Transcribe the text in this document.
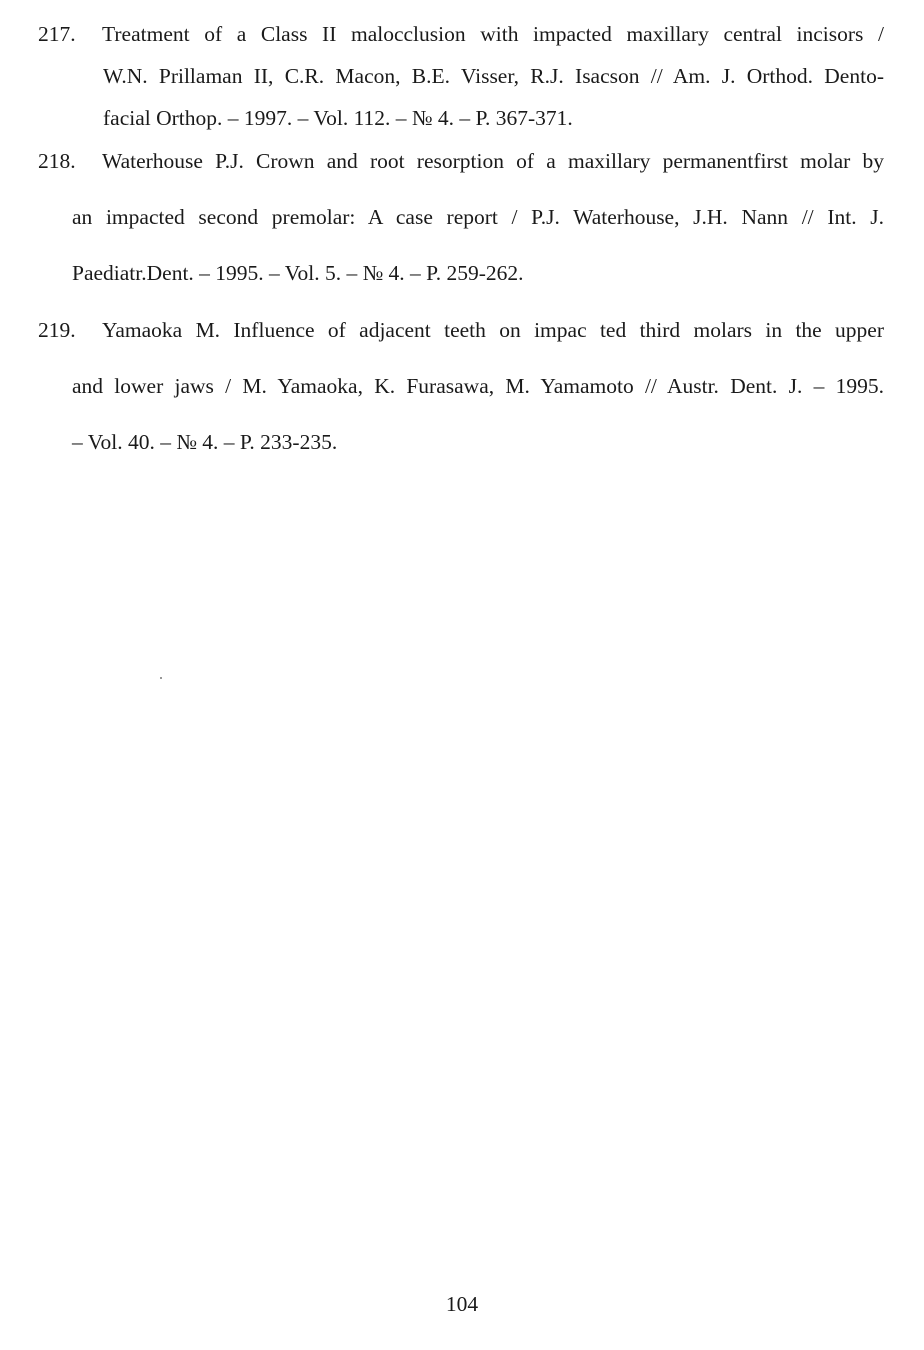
217. Treatment of a Class II malocclusion with impacted maxillary central incisors /
W.N. Prillaman II, C.R. Macon, B.E. Visser, R.J. Isacson // Am. J. Orthod. Dento-
facial Orthop. – 1997. – Vol. 112. – № 4. – P. 367-371.
218. Waterhouse P.J. Crown and root resorption of a maxillary permanentfirst molar by
an impacted second premolar: A case report / P.J. Waterhouse, J.H. Nann // Int. J.
Paediatr.Dent. – 1995. – Vol. 5. – № 4. – P. 259-262.
219. Yamaoka M. Influence of adjacent teeth on impac ted third molars in the upper
and lower jaws / M. Yamaoka, K. Furasawa, M. Yamamoto // Austr. Dent. J. – 1995.
– Vol. 40. – № 4. – P. 233-235.
104
